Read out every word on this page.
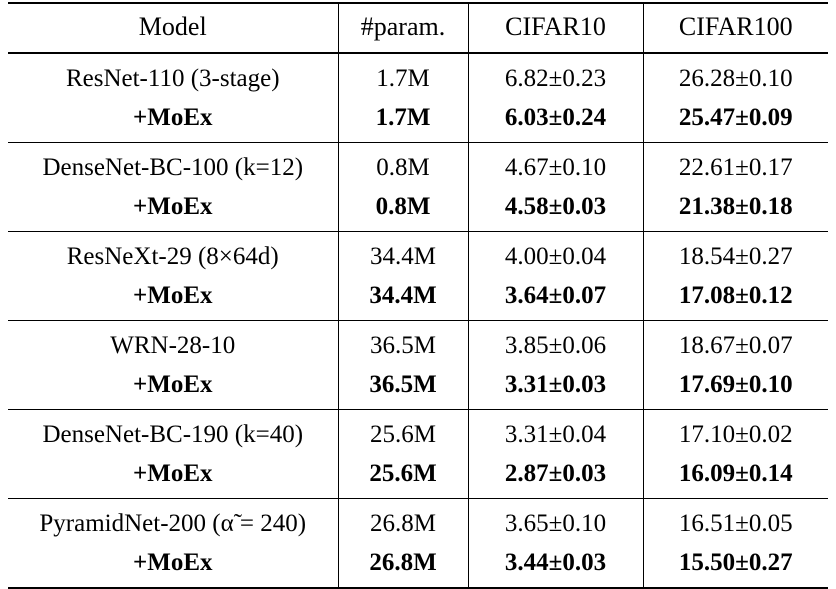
Model	#param.	CIFAR10	CIFAR100

ResNet-110 (3-stage)	1.7M	6.82±0.23	26.28±0.10

+MoEx	1.7M	6.03±0.24	25.47±0.09

DenseNet-BC-100 (k=12)	0.8M	4.67±0.10	22.61±0.17

+MoEx	0.8M	4.58±0.03	21.38±0.18

ResNeXt-29 (8×64d)	34.4M	4.00±0.04	18.54±0.27

+MoEx	34.4M	3.64±0.07	17.08±0.12

WRN-28-10	36.5M	3.85±0.06	18.67±0.07

+MoEx	36.5M	3.31±0.03	17.69±0.10

DenseNet-BC-190 (k=40)	25.6M	3.31±0.04	17.10±0.02

+MoEx	25.6M	2.87±0.03	16.09±0.14

PyramidNet-200 (α̃ = 240)	26.8M	3.65±0.10	16.51±0.05

+MoEx	26.8M	3.44±0.03	15.50±0.27
